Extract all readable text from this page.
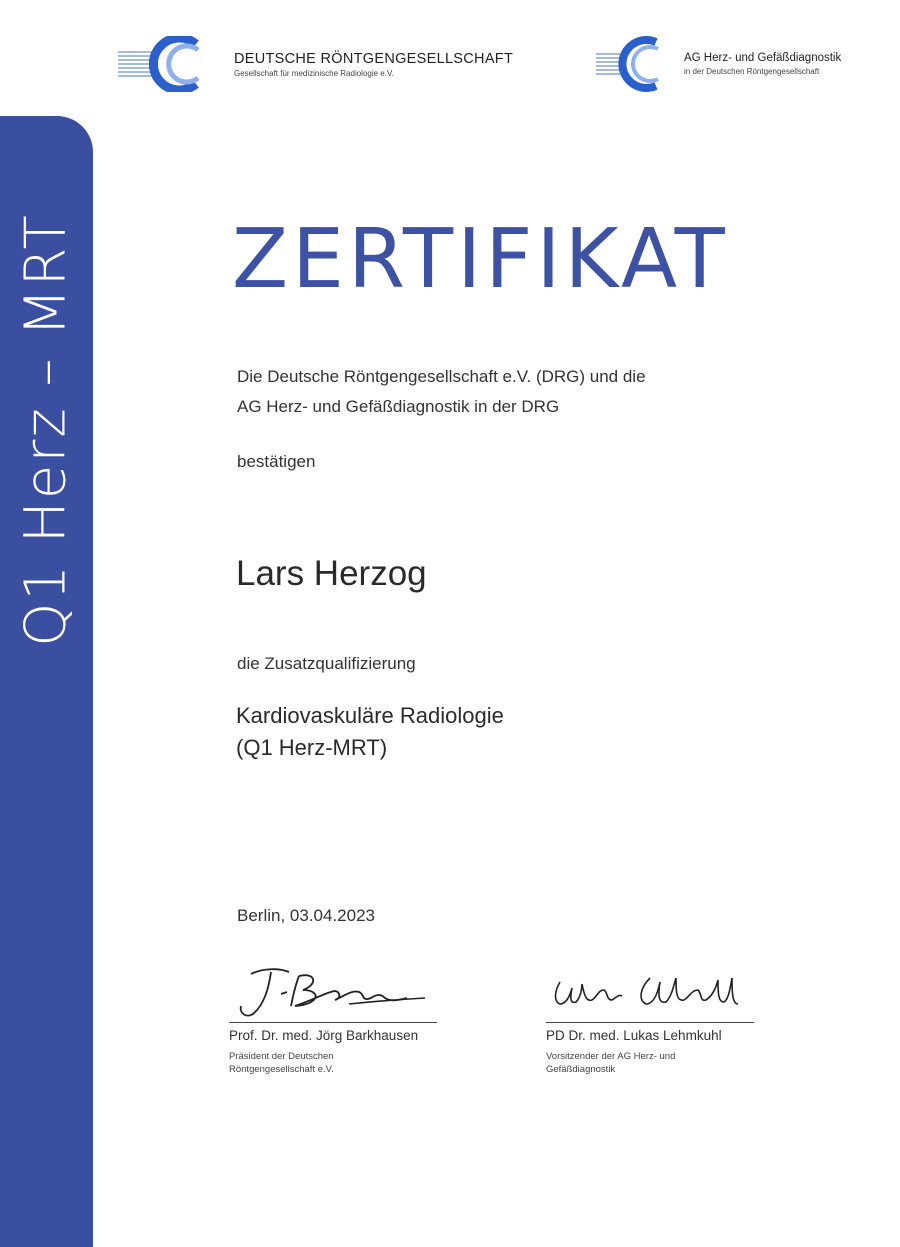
Q1 Herz – MRT
DEUTSCHE RÖNTGENGESELLSCHAFT
Gesellschaft für medizinische Radiologie e.V.
AG Herz- und Gefäßdiagnostik
in der Deutschen Röntgengesellschaft
ZERTIFIKAT
Die Deutsche Röntgengesellschaft e.V. (DRG) und die
AG Herz- und Gefäßdiagnostik in der DRG
bestätigen
Lars Herzog
die Zusatzqualifizierung
Kardiovaskuläre Radiologie
(Q1 Herz-MRT)
Berlin, 03.04.2023
Prof. Dr. med. Jörg Barkhausen
Präsident der Deutschen
Röntgengesellschaft e.V.
PD Dr. med. Lukas Lehmkuhl
Vorsitzender der AG Herz- und
Gefäßdiagnostik
